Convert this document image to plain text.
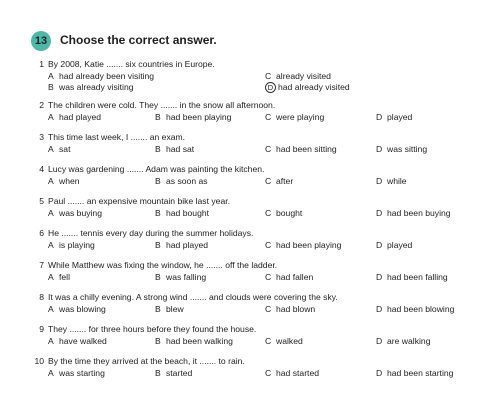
13	Choose the correct answer.
1 By 2008, Katie ....... six countries in Europe.
A had already been visiting	C already visited
B was already visiting	D had already visited
2 The children were cold. They ....... in the snow all afternoon.
A had played	B had been playing	C were playing	D played
3 This time last week, I ....... an exam.
A sat	B had sat	C had been sitting	D was sitting
4 Lucy was gardening ....... Adam was painting the kitchen.
A when	B as soon as	C after	D while
5 Paul ....... an expensive mountain bike last year.
A was buying	B had bought	C bought	D had been buying
6 He ....... tennis every day during the summer holidays.
A is playing	B had played	C had been playing	D played
7 While Matthew was fixing the window, he ....... off the ladder.
A fell	B was falling	C had fallen	D had been falling
8 It was a chilly evening. A strong wind ....... and clouds were covering the sky.
A was blowing	B blew	C had blown	D had been blowing
9 They ....... for three hours before they found the house.
A have walked	B had been walking	C walked	D are walking
10 By the time they arrived at the beach, it ....... to rain.
A was starting	B started	C had started	D had been starting
